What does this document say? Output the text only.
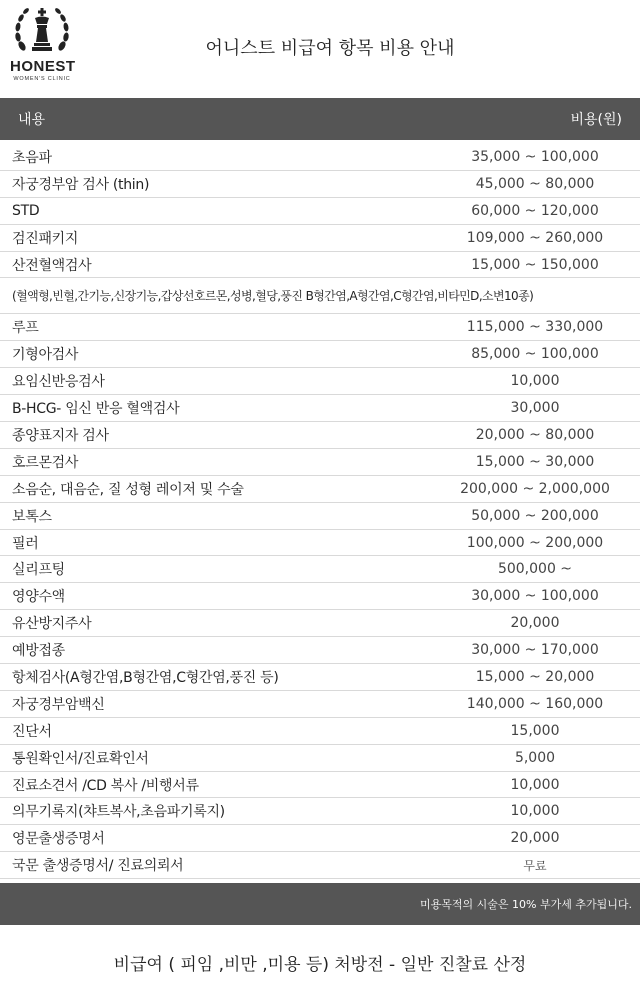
HONEST
WOMEN'S CLINIC
어니스트 비급여 항목 비용 안내
내용	비용(원)
초음파	35,000 ~ 100,000
자궁경부암 검사 (thin)	45,000 ~ 80,000
STD	60,000 ~ 120,000
검진패키지	109,000 ~ 260,000
산전혈액검사	15,000 ~ 150,000
(혈액형,빈혈,간기능,신장기능,갑상선호르몬,성병,혈당,풍진 B형간염,A형간염,C형간염,비타민D,소변10종)
루프	115,000 ~ 330,000
기형아검사	85,000 ~ 100,000
요임신반응검사	10,000
B-HCG- 임신 반응 혈액검사	30,000
종양표지자 검사	20,000 ~ 80,000
호르몬검사	15,000 ~ 30,000
소음순, 대음순, 질 성형 레이저 및 수술	200,000 ~ 2,000,000
보톡스	50,000 ~ 200,000
필러	100,000 ~ 200,000
실리프팅	500,000 ~
영양수액	30,000 ~ 100,000
유산방지주사	20,000
예방접종	30,000 ~ 170,000
항체검사(A형간염,B형간염,C형간염,풍진 등)	15,000 ~ 20,000
자궁경부암백신	140,000 ~ 160,000
진단서	15,000
통원확인서/진료확인서	5,000
진료소견서 /CD 복사 /비행서류	10,000
의무기록지(챠트복사,초음파기록지)	10,000
영문출생증명서	20,000
국문 출생증명서/ 진료의뢰서	무료
미용목적의 시술은 10% 부가세 추가됩니다.
비급여 ( 피임 ,비만 ,미용 등) 처방전 - 일반 진찰료 산정
